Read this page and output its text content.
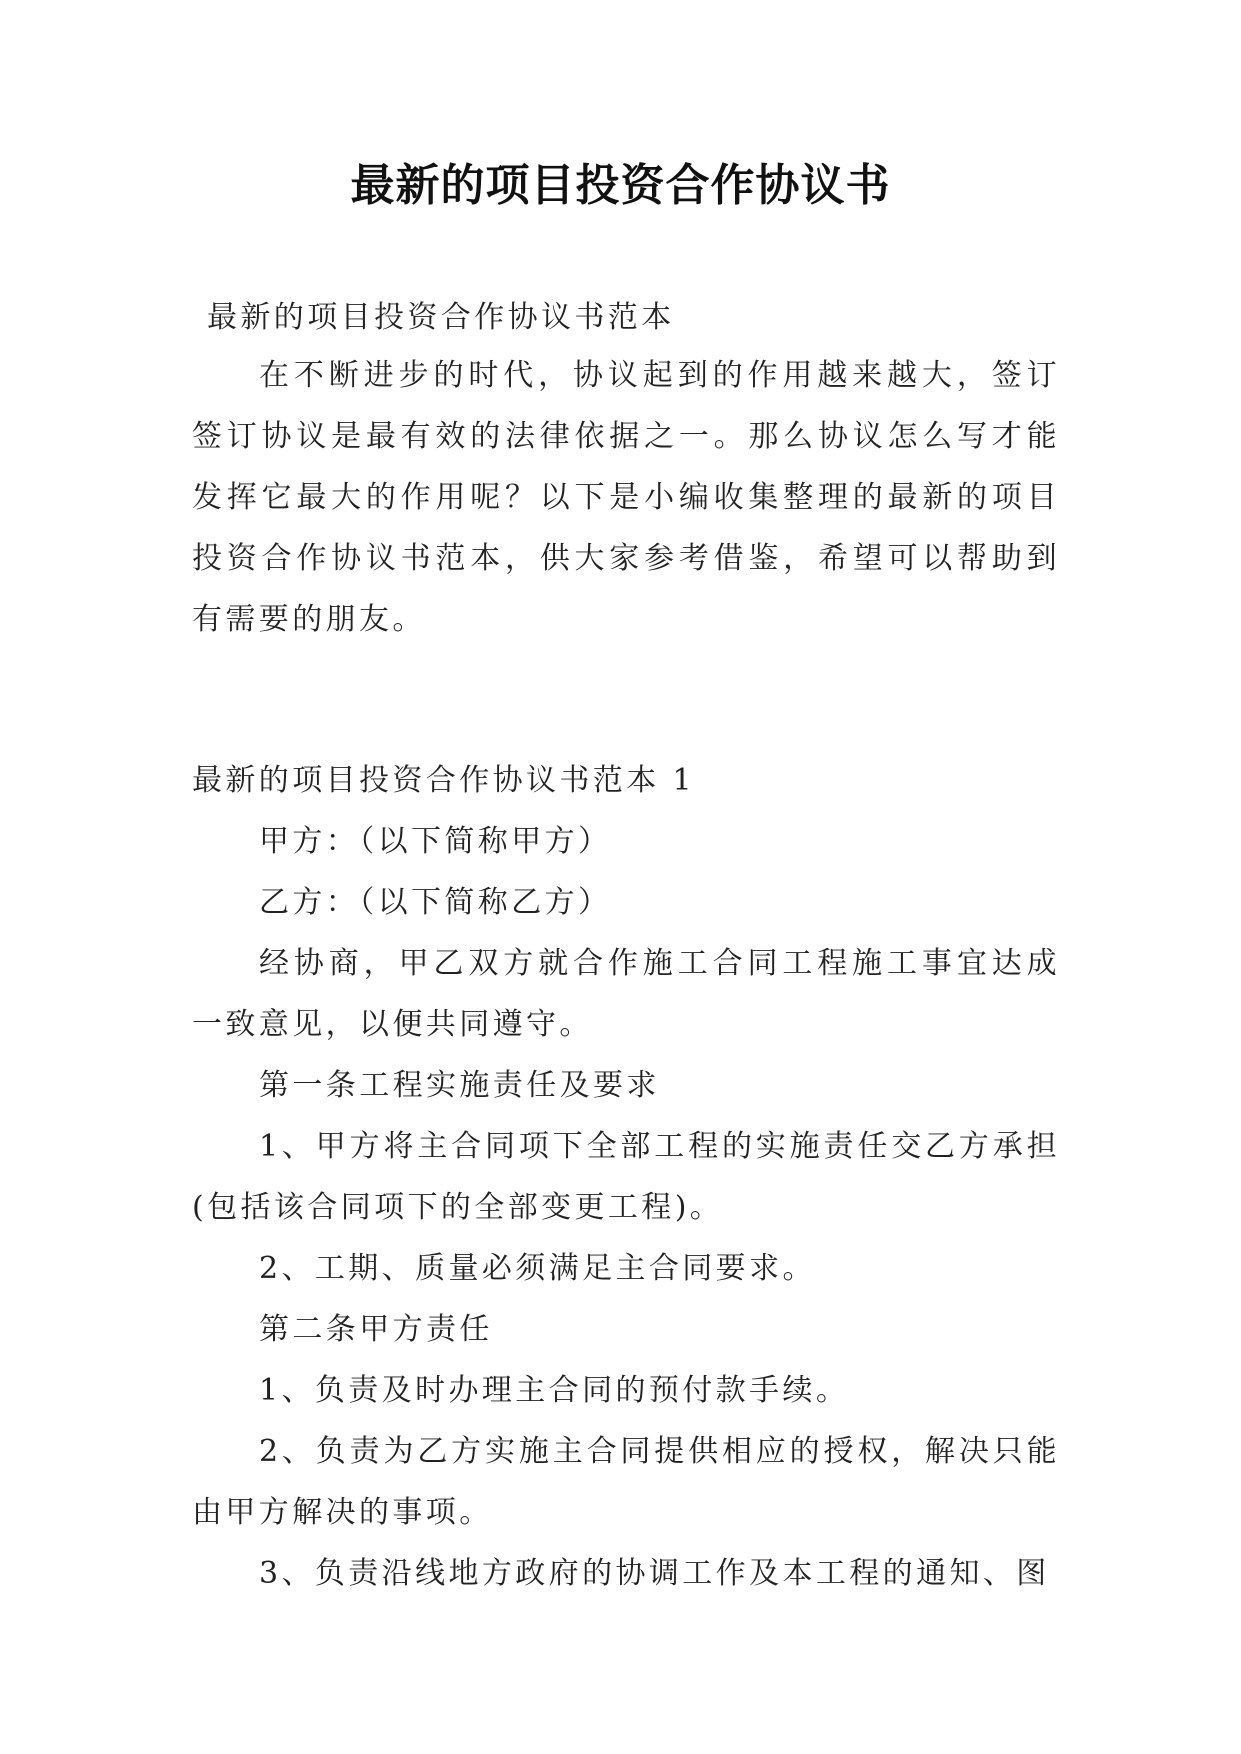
最新的项目投资合作协议书
最新的项目投资合作协议书范本

在不断进步的时代，协议起到的作用越来越大，签订签订协议是最有效的法律依据之一。那么协议怎么写才能发挥它最大的作用呢？以下是小编收集整理的最新的项目投资合作协议书范本，供大家参考借鉴，希望可以帮助到有需要的朋友。

最新的项目投资合作协议书范本 1

甲方：（以下简称甲方）

乙方：（以下简称乙方）

经协商，甲乙双方就合作施工合同工程施工事宜达成一致意见，以便共同遵守。

第一条工程实施责任及要求

1、甲方将主合同项下全部工程的实施责任交乙方承担(包括该合同项下的全部变更工程)。

2、工期、质量必须满足主合同要求。

第二条甲方责任

1、负责及时办理主合同的预付款手续。

2、负责为乙方实施主合同提供相应的授权，解决只能由甲方解决的事项。

3、负责沿线地方政府的协调工作及本工程的通知、图
